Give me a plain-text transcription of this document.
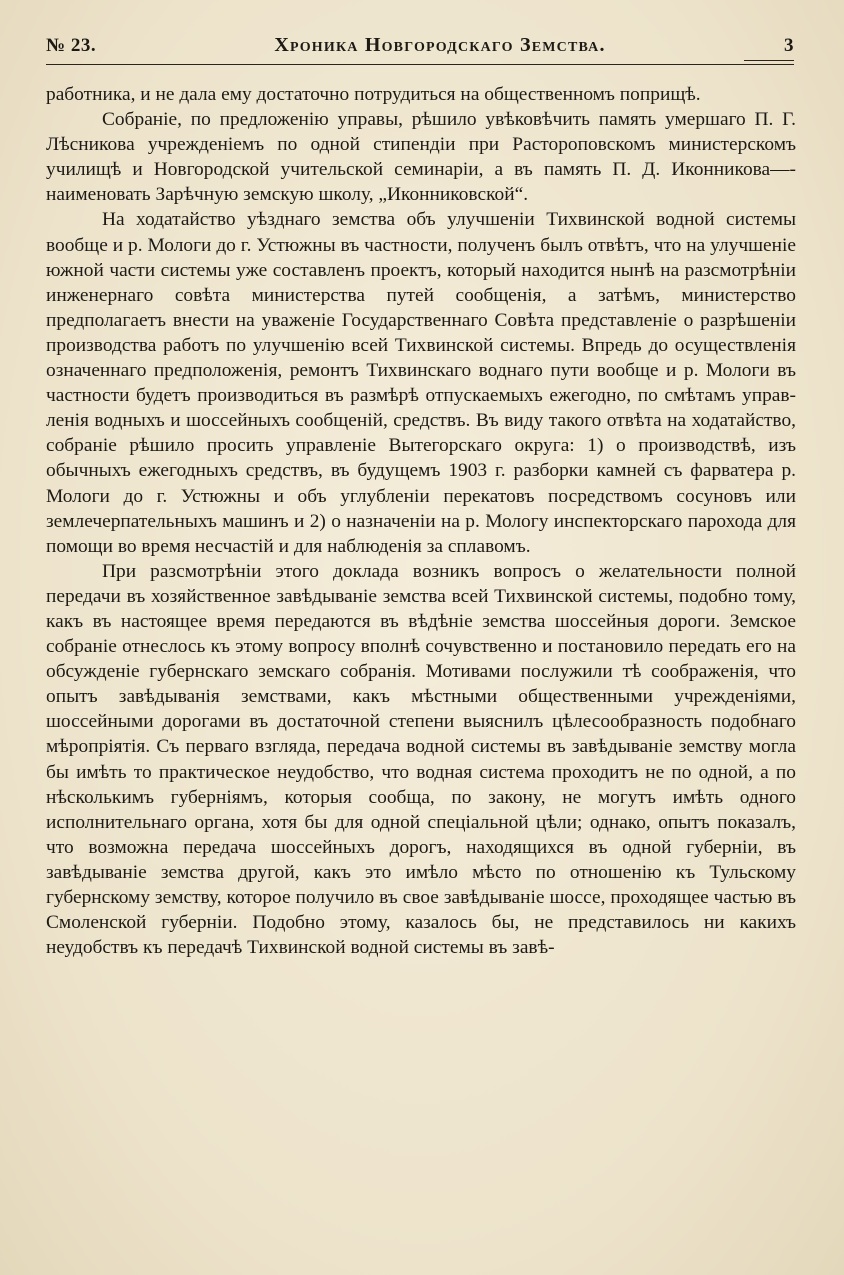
№ 23.	Хроника Новгородскаго Земства.	3

работника, и не дала ему достаточно потрудиться на общественномъ поприщѣ.

Собраніе, по предложенію управы, рѣшило увѣковѣчить память умершаго П. Г. Лѣсникова учрежденіемъ по одной стипендіи при Растороповскомъ министерскомъ училищѣ и Новгородской учительской семинаріи, а въ память П. Д. Иконникова—-наименовать Зарѣчную земскую школу, „Иконниковской“.

На ходатайство уѣзднаго земства объ улучшеніи Тихвинской водной системы вообще и р. Мологи до г. Устюжны въ частности, полученъ былъ отвѣтъ, что на улучшеніе южной части системы уже составленъ проектъ, который находится нынѣ на разсмотрѣніи инженернаго совѣта министерства путей сообщенія, а затѣмъ, министерство предполагаетъ внести на уваженіе Государственнаго Совѣта представленіе о разрѣшеніи производства работъ по улучшенію всей Тихвинской системы. Впредь до осуществленія означеннаго предположенія, ремонтъ Тихвинскаго воднаго пути вообще и р. Мологи въ частности будетъ производиться въ размѣрѣ отпускаемыхъ ежегодно, по смѣтамъ управленія водныхъ и шоссейныхъ сообщеній, средствъ. Въ виду такого отвѣта на ходатайство, собраніе рѣшило просить управленіе Вытегорскаго округа: 1) о производствѣ, изъ обычныхъ ежегодныхъ средствъ, въ будущемъ 1903 г. разборки камней съ фарватера р. Мологи до г. Устюжны и объ углубленіи перекатовъ посредствомъ сосуновъ или землечерпательныхъ машинъ и 2) о назначеніи на р. Мологу инспекторскаго парохода для помощи во время несчастій и для наблюденія за сплавомъ.

При разсмотрѣніи этого доклада возникъ вопросъ о желательности полной передачи въ хозяйственное завѣдываніе земства всей Тихвинской системы, подобно тому, какъ въ настоящее время передаются въ вѣдѣніе земства шоссейныя дороги. Земское собраніе отнеслось къ этому вопросу вполнѣ сочувственно и постановило передать его на обсужденіе губернскаго земскаго собранія. Мотивами послужили тѣ соображенія, что опытъ завѣдыванія земствами, какъ мѣстными общественными учрежденіями, шоссейными дорогами въ достаточной степени выяснилъ цѣлесообразность подобнаго мѣропріятія. Съ перваго взгляда, передача водной системы въ завѣдываніе земству могла бы имѣть то практическое неудобство, что водная система проходитъ не по одной, а по нѣсколькимъ губерніямъ, которыя сообща, по закону, не могутъ имѣть одного исполнительнаго органа, хотя бы для одной спеціальной цѣли; однако, опытъ показалъ, что возможна передача шоссейныхъ дорогъ, находящихся въ одной губерніи, въ завѣдываніе земства другой, какъ это имѣло мѣсто по отношенію къ Тульскому губернскому земству, которое получило въ свое завѣдываніе шоссе, проходящее частью въ Смоленской губерніи. Подобно этому, казалось бы, не представилось ни какихъ неудобствъ къ передачѣ Тихвинской водной системы въ завѣ-
